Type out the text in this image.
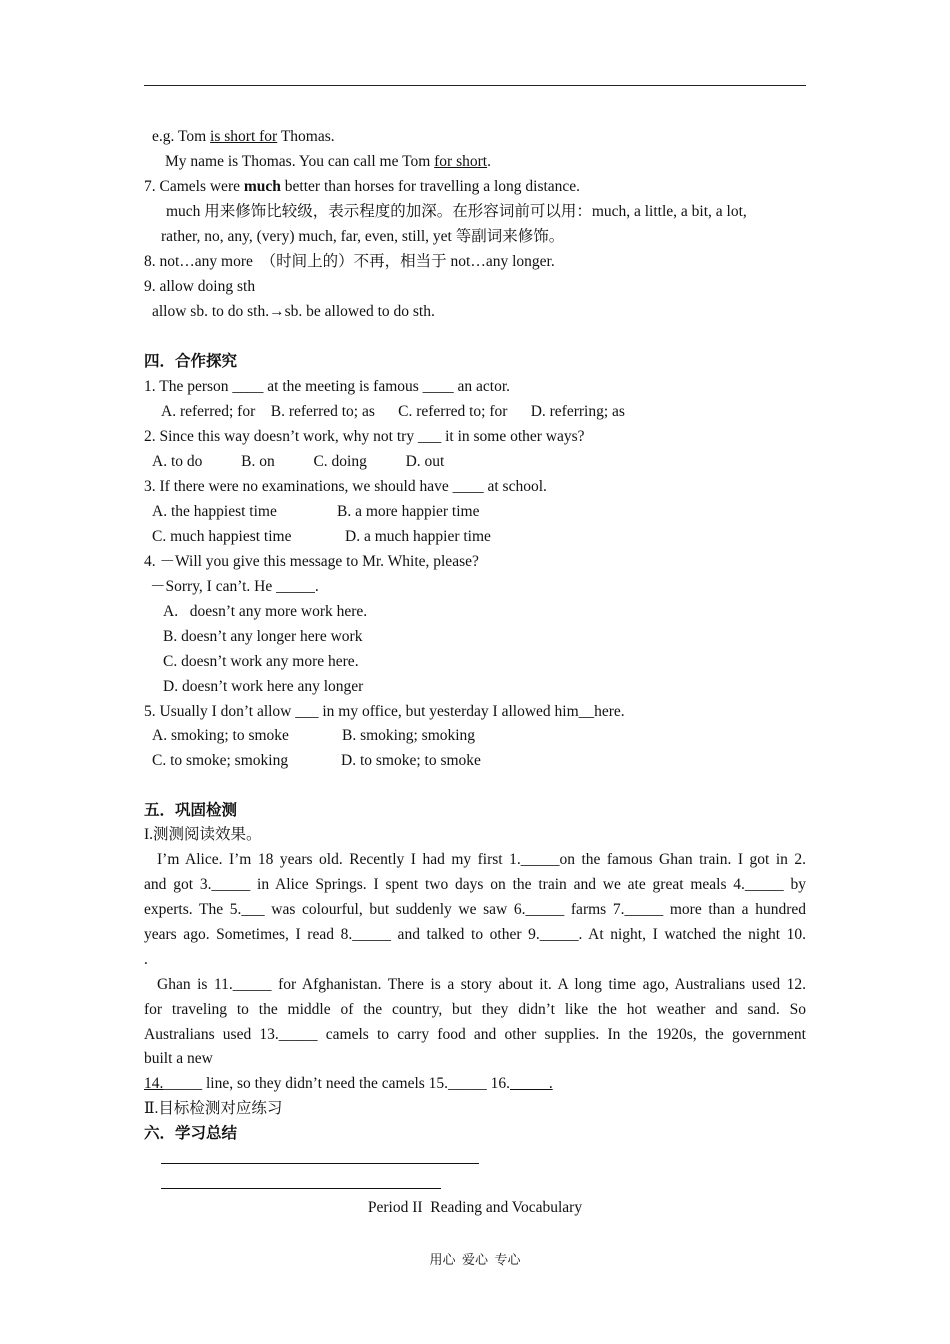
e.g. Tom is short for Thomas.
My name is Thomas. You can call me Tom for short.
7. Camels were much better than horses for travelling a long distance.
much 用来修饰比较级，表示程度的加深。在形容词前可以用：much, a little, a bit, a lot,
rather, no, any, (very) much, far, even, still, yet 等副词来修饰。
8. not…any more　（时间上的）不再，相当于 not…any longer.
9. allow doing sth
allow sb. to do sth.→sb. be allowed to do sth.
四．合作探究
1. The person ____ at the meeting is famous ____ an actor.
A. referred; for    B. referred to; as      C. referred to; for      D. referring; as
2. Since this way doesn’t work, why not try ___ it in some other ways?
A. to do          B. on          C. doing          D. out
3. If there were no examinations, we should have ____ at school.
A. the happiest time	B. a more happier time
C. much happiest time	D. a much happier time
4. －Will you give this message to Mr. White, please?
－Sorry, I can’t. He _____.
A.   doesn’t any more work here.
B. doesn’t any longer here work
C. doesn’t work any more here.
D. doesn’t work here any longer
5. Usually I don’t allow ___ in my office, but yesterday I allowed him__here.
A. smoking; to smoke	B. smoking; smoking
C. to smoke; smoking	D. to smoke; to smoke
五．巩固检测
I.测测阅读效果。
I’m Alice. I’m 18 years old. Recently I had my first 1._____on the famous Ghan train. I got in 2.
and got 3._____ in Alice Springs. I spent two days on the train and we ate great meals 4._____ by
experts. The 5.___ was colourful, but suddenly we saw 6._____ farms 7._____ more than a hundred
years ago. Sometimes, I read 8._____ and talked to other 9._____. At night, I watched the night 10.
.
Ghan is 11._____ for Afghanistan. There is a story about it. A long time ago, Australians used 12.
for traveling to the middle of the country, but they didn’t like the hot weather and sand. So
Australians used 13._____ camels to carry food and other supplies. In the 1920s, the government
built a new
14._____ line, so they didn’t need the camels 15._____ 16._____.
Ⅱ.目标检测对应练习
六．学习总结
Period II  Reading and Vocabulary
用心  爱心  专心
